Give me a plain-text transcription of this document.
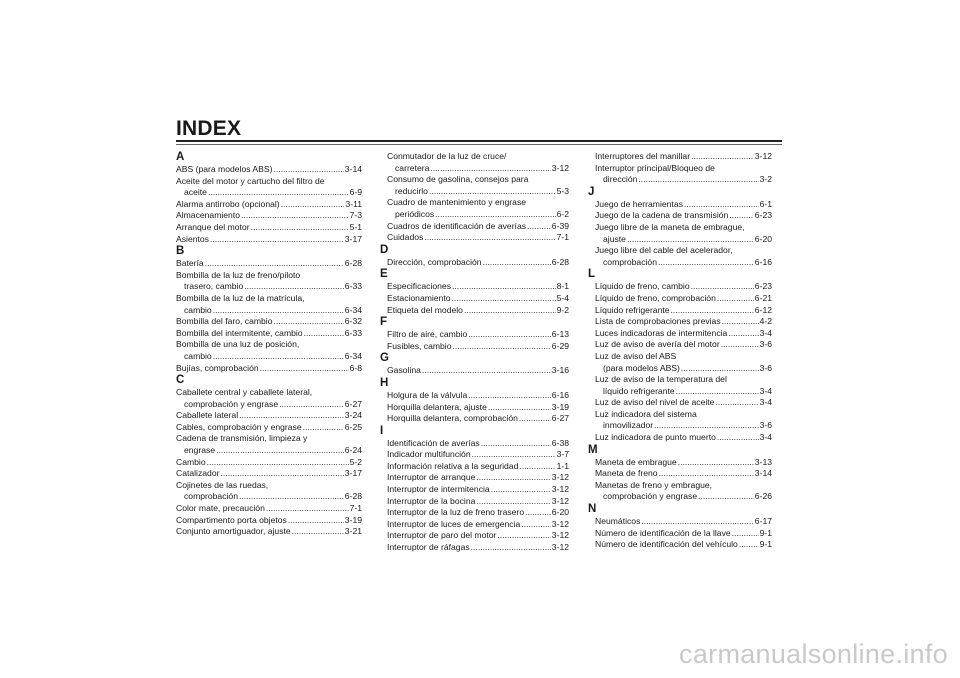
INDEX
A
ABS (para modelos ABS) .....	3-14
Aceite del motor y cartucho del filtro de
aceite .....	6-9
Alarma antirrobo (opcional) .....	3-11
Almacenamiento .....	7-3
Arranque del motor .....	5-1
Asientos .....	3-17
B
Batería .....	6-28
Bombilla de la luz de freno/piloto
trasero, cambio .....	6-33
Bombilla de la luz de la matrícula,
cambio .....	6-34
Bombilla del faro, cambio .....	6-32
Bombilla del intermitente, cambio .....	6-33
Bombilla de una luz de posición,
cambio .....	6-34
Bujías, comprobación .....	6-8
C
Caballete central y caballete lateral,
comprobación y engrase .....	6-27
Caballete lateral .....	3-24
Cables, comprobación y engrase .....	6-25
Cadena de transmisión, limpieza y
engrase .....	6-24
Cambio .....	5-2
Catalizador .....	3-17
Cojinetes de las ruedas,
comprobación .....	6-28
Color mate, precaución .....	7-1
Compartimento porta objetos .....	3-19
Conjunto amortiguador, ajuste .....	3-21
Conmutador de la luz de cruce/
carretera .....	3-12
Consumo de gasolina, consejos para
reducirlo .....	5-3
Cuadro de mantenimiento y engrase
periódicos .....	6-2
Cuadros de identificación de averías .....	6-39
Cuidados .....	7-1
D
Dirección, comprobación .....	6-28
E
Especificaciones .....	8-1
Estacionamiento .....	5-4
Etiqueta del modelo .....	9-2
F
Filtro de aire, cambio .....	6-13
Fusibles, cambio .....	6-29
G
Gasolina .....	3-16
H
Holgura de la válvula .....	6-16
Horquilla delantera, ajuste .....	3-19
Horquilla delantera, comprobación .....	6-27
I
Identificación de averías .....	6-38
Indicador multifunción .....	3-7
Información relativa a la seguridad .....	1-1
Interruptor de arranque .....	3-12
Interruptor de intermitencia .....	3-12
Interruptor de la bocina .....	3-12
Interruptor de la luz de freno trasero .....	6-20
Interruptor de luces de emergencia .....	3-12
Interruptor de paro del motor .....	3-12
Interruptor de ráfagas .....	3-12
Interruptores del manillar .....	3-12
Interruptor principal/Bloqueo de
dirección .....	3-2
J
Juego de herramientas .....	6-1
Juego de la cadena de transmisión .....	6-23
Juego libre de la maneta de embrague,
ajuste .....	6-20
Juego libre del cable del acelerador,
comprobación .....	6-16
L
Líquido de freno, cambio .....	6-23
Líquido de freno, comprobación .....	6-21
Líquido refrigerante .....	6-12
Lista de comprobaciones previas .....	4-2
Luces indicadoras de intermitencia .....	3-4
Luz de aviso de avería del motor .....	3-6
Luz de aviso del ABS
(para modelos ABS) .....	3-6
Luz de aviso de la temperatura del
líquido refrigerante .....	3-4
Luz de aviso del nivel de aceite .....	3-4
Luz indicadora del sistema
inmovilizador .....	3-6
Luz indicadora de punto muerto .....	3-4
M
Maneta de embrague .....	3-13
Maneta de freno .....	3-14
Manetas de freno y embrague,
comprobación y engrase .....	6-26
N
Neumáticos .....	6-17
Número de identificación de la llave .....	9-1
Número de identificación del vehículo .....	9-1
carmanualsonline.info
